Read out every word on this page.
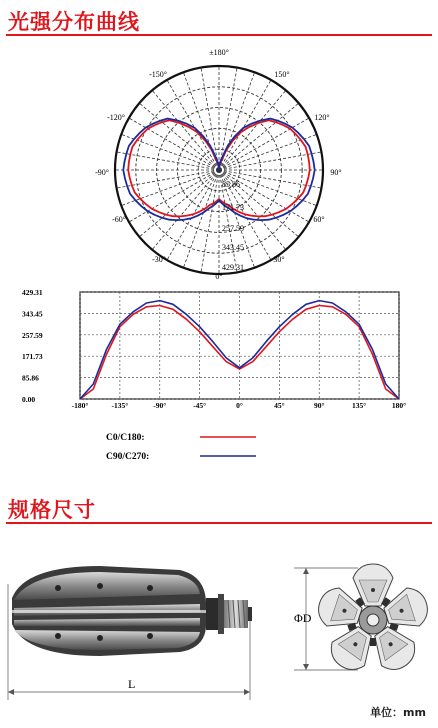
光强分布曲线
±180°
150°
-150°
120°
-120°
90°
-90°
60°
-60°
30°
-30°
0°
85.86
171.73
257.59
343.45
429.31
0.00
85.86
171.73
257.59
343.45
429.31
-180°	-135°	-90°	-45°	0°	45°	90°	135°	180°
C0/C180:
C90/C270:
规格尺寸
L
ΦD
单位：mm
